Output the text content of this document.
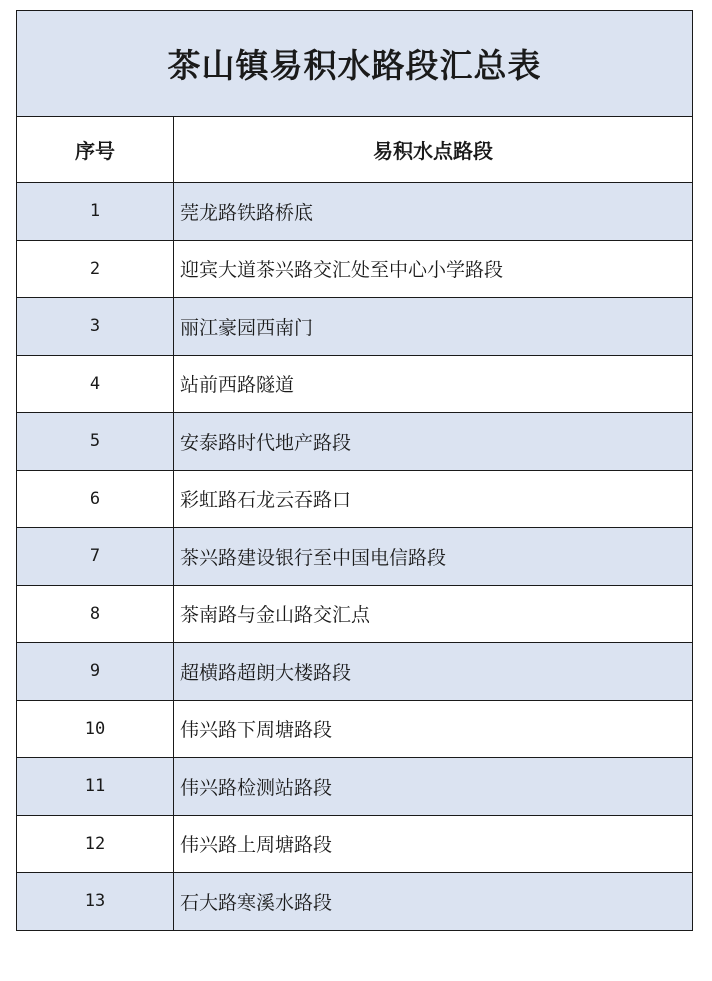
茶山镇易积水路段汇总表	
序号	易积水点路段
1	莞龙路铁路桥底
2	迎宾大道茶兴路交汇处至中心小学路段
3	丽江豪园西南门
4	站前西路隧道
5	安泰路时代地产路段
6	彩虹路石龙云吞路口
7	茶兴路建设银行至中国电信路段
8	茶南路与金山路交汇点
9	超横路超朗大楼路段
10	伟兴路下周塘路段
11	伟兴路检测站路段
12	伟兴路上周塘路段
13	石大路寒溪水路段
